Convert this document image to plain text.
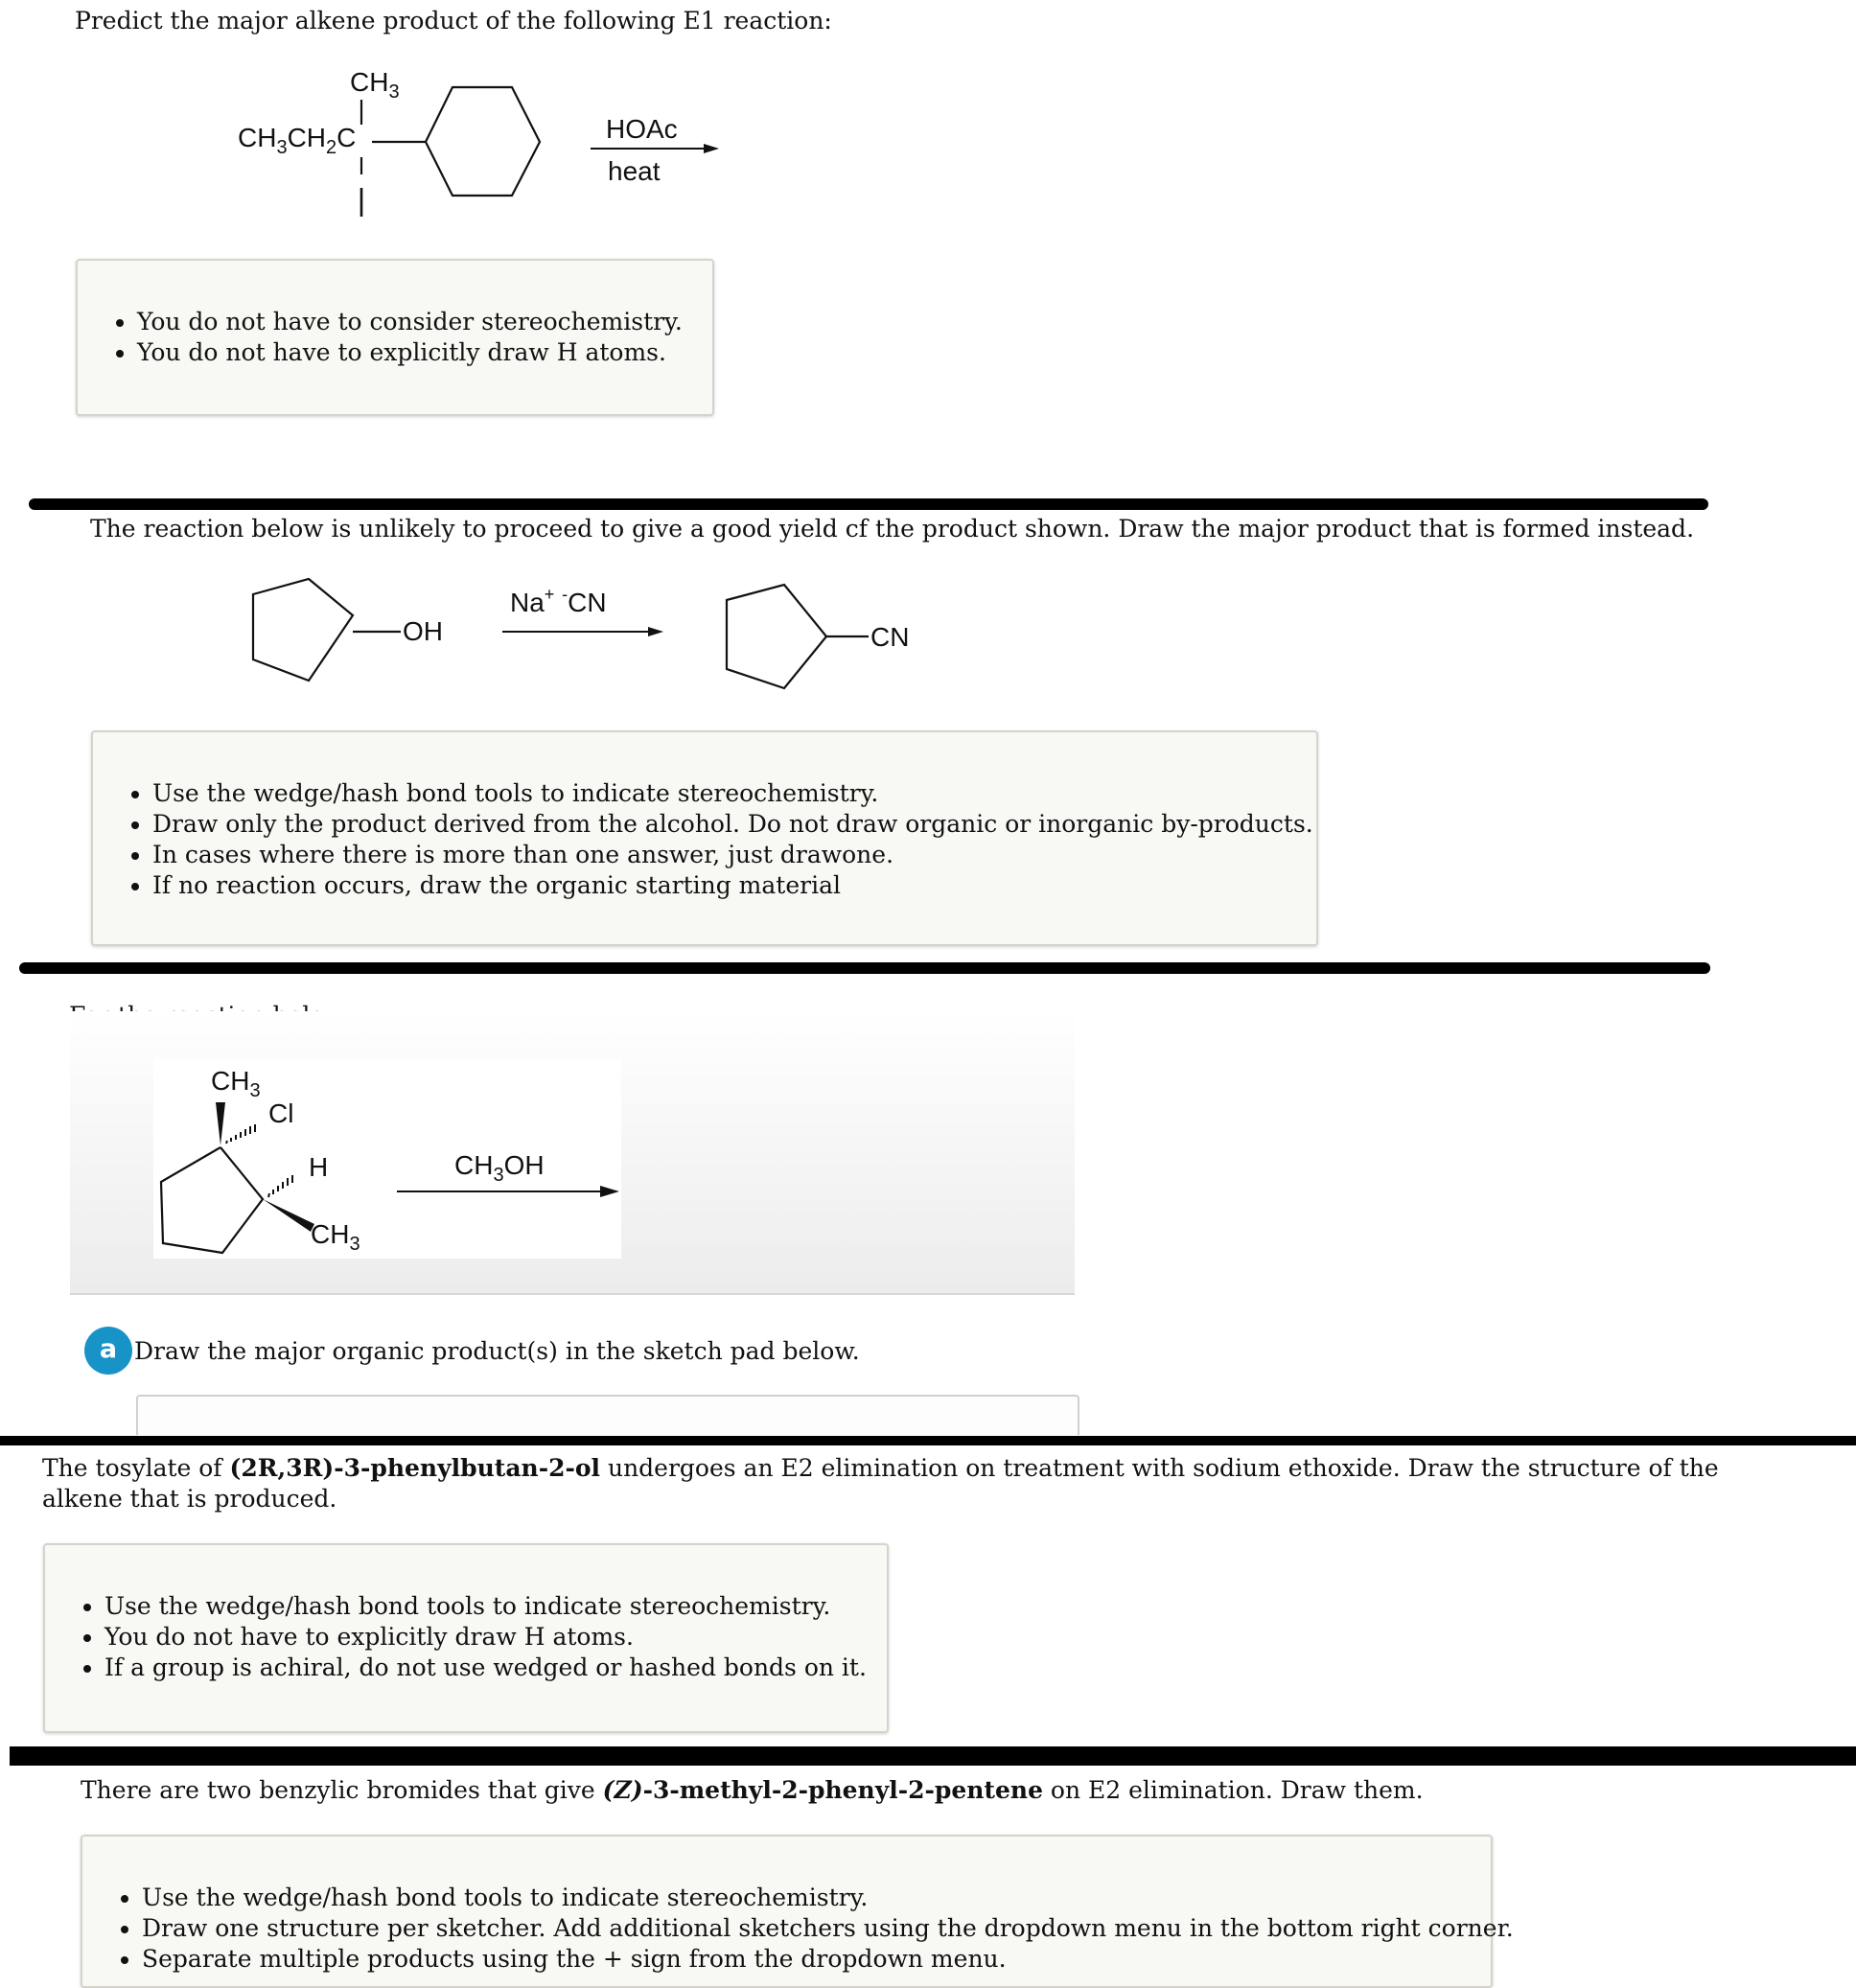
Predict the major alkene product of the following E1 reaction:
$CH_3$
$CH_3CH_2C$	HOAc
heat
• You do not have to consider stereochemistry.
• You do not have to explicitly draw H atoms.
The reaction below is unlikely to proceed to give a good yield cf the product shown. Draw the major product that is formed instead.
OH
Na+ -CN
CN
• Use the wedge/hash bond tools to indicate stereochemistry.
• Draw only the product derived from the alcohol. Do not draw organic or inorganic by-products.
• In cases where there is more than one answer, just drawone.
• If no reaction occurs, draw the organic starting material
$CH_3$
Cl
H
$CH_3$
$CH_3OH$
a Draw the major organic product(s) in the sketch pad below.
The tosylate of (2R,3R)-3-phenylbutan-2-ol undergoes an E2 elimination on treatment with sodium ethoxide. Draw the structure of the alkene that is produced.
• Use the wedge/hash bond tools to indicate stereochemistry.
• You do not have to explicitly draw H atoms.
• If a group is achiral, do not use wedged or hashed bonds on it.
There are two benzylic bromides that give (Z)-3-methyl-2-phenyl-2-pentene on E2 elimination. Draw them.
• Use the wedge/hash bond tools to indicate stereochemistry.
• Draw one structure per sketcher. Add additional sketchers using the dropdown menu in the bottom right corner.
• Separate multiple products using the + sign from the dropdown menu.
